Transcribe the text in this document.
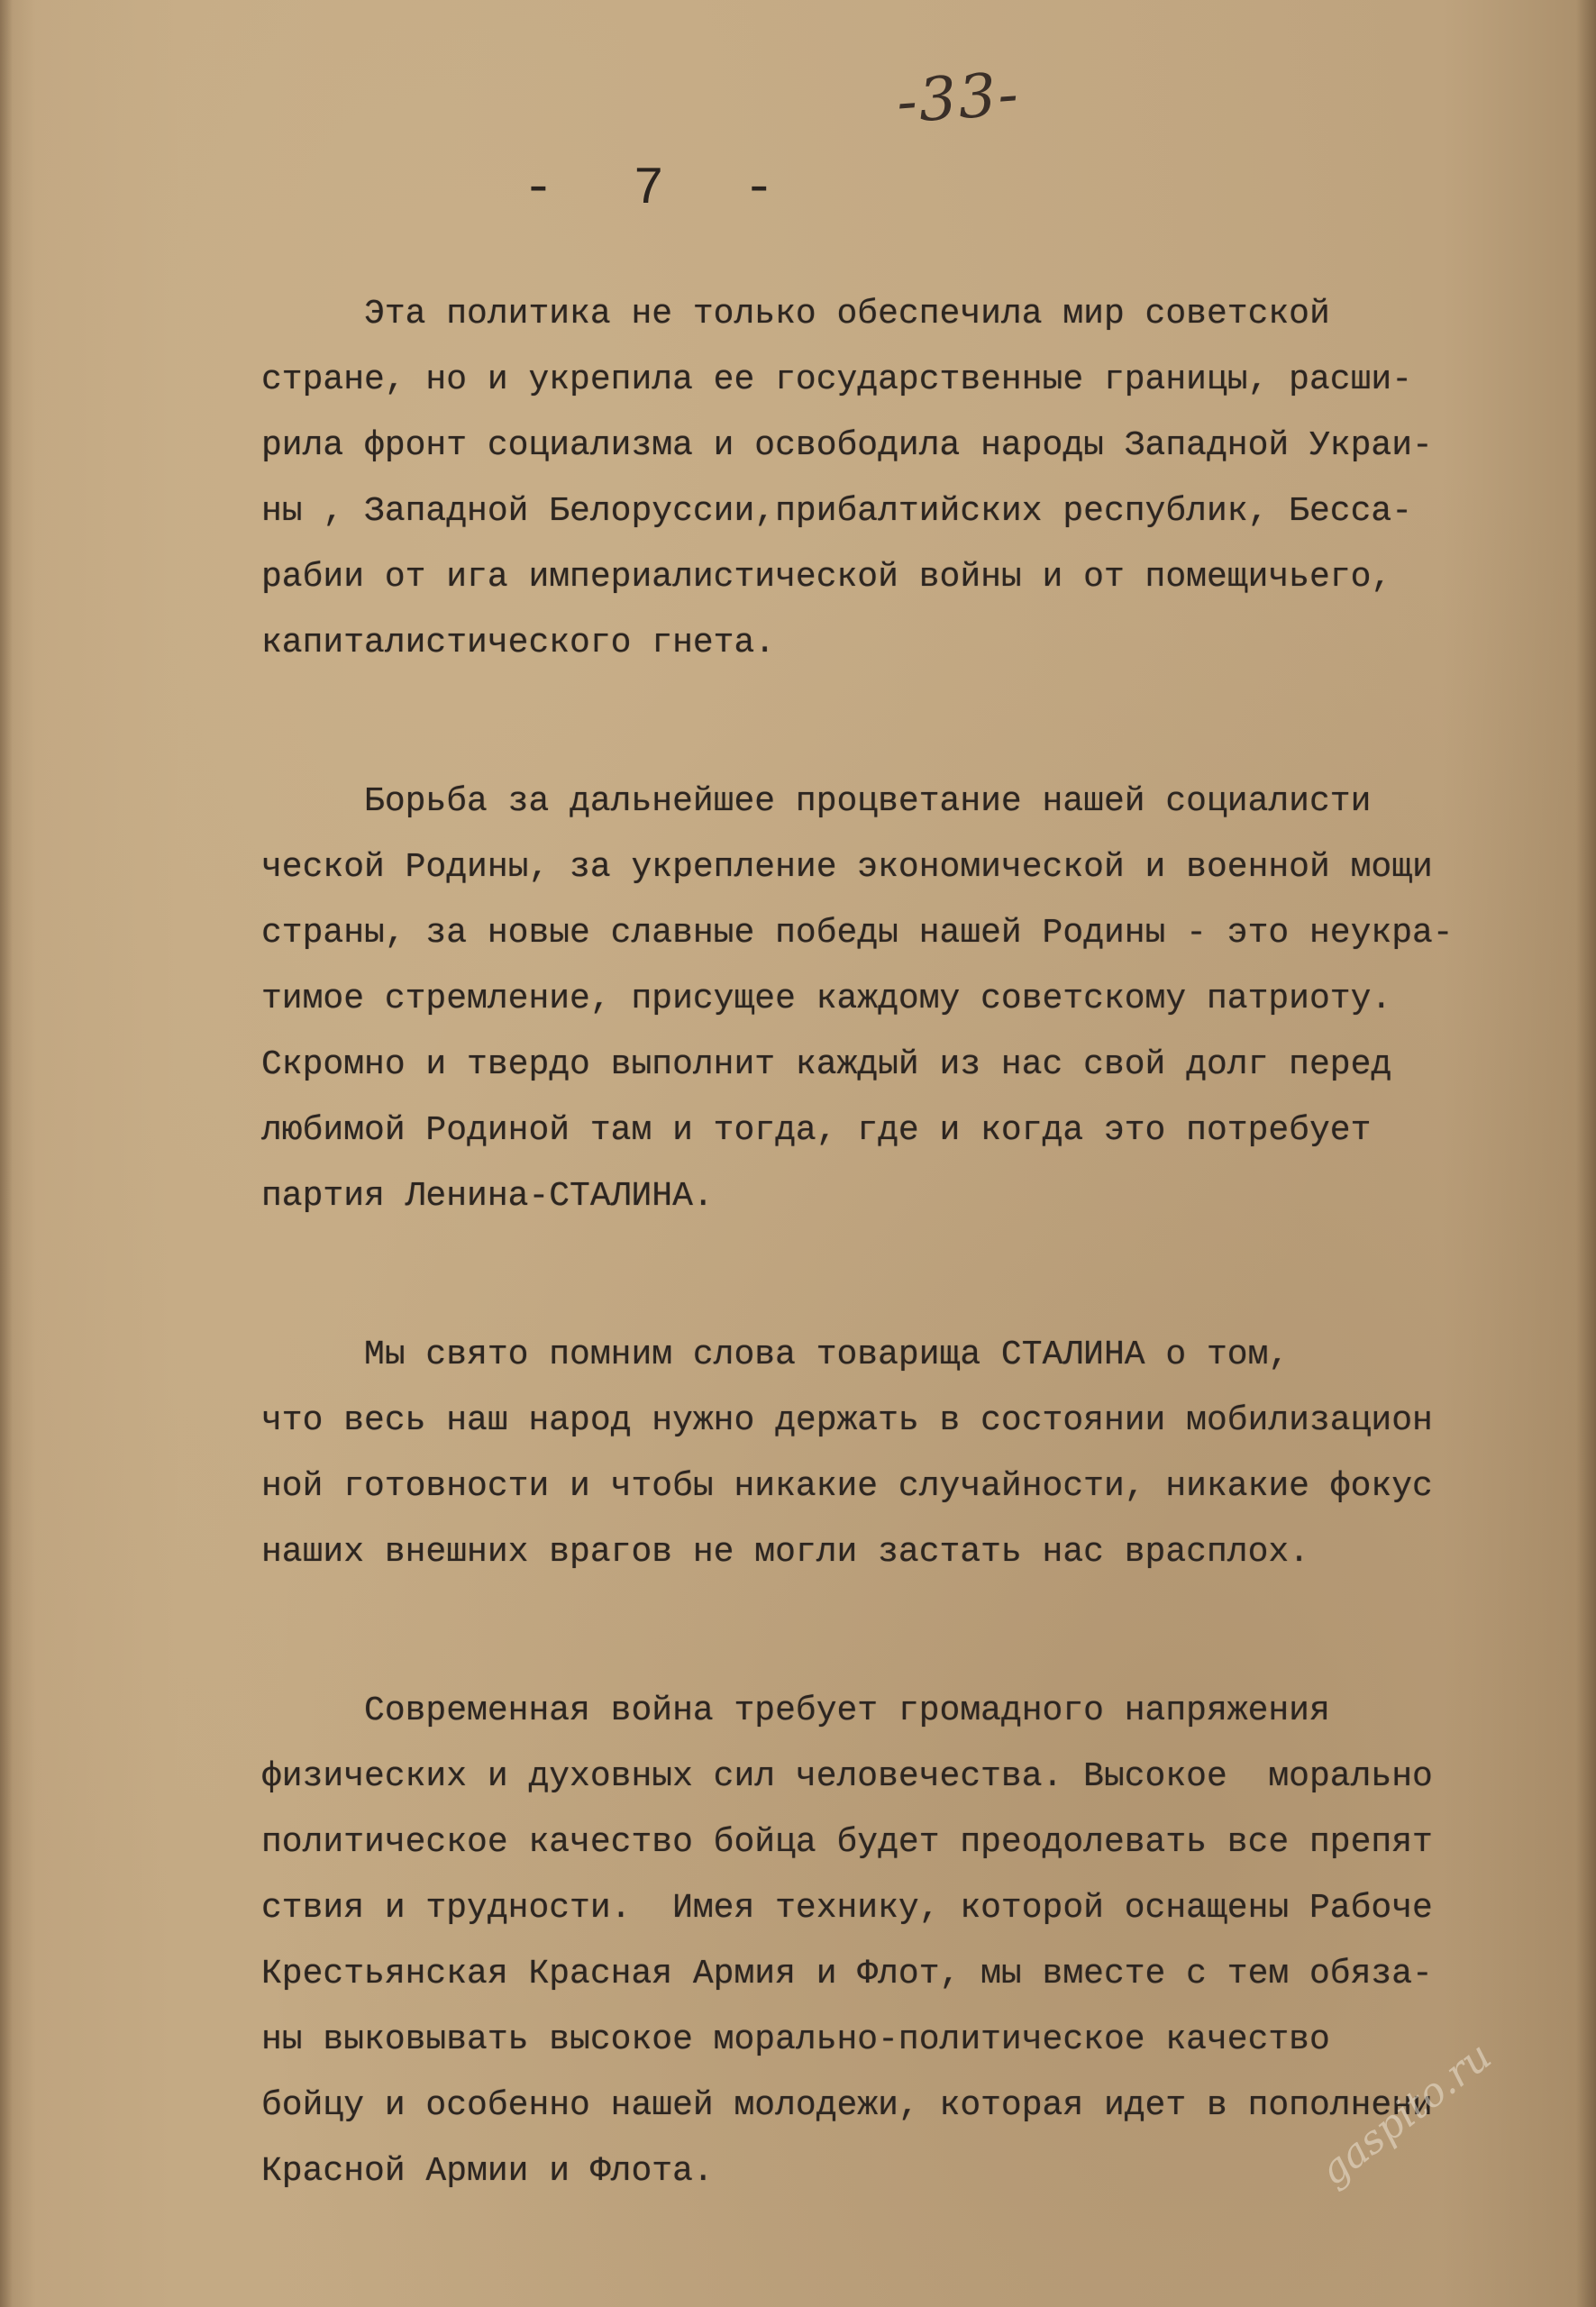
-33-
-  7  -
Эта политика не только обеспечила мир советской
стране, но и укрепила ее государственные границы, расши-
рила фронт социализма и освободила народы Западной Украи-
ны , Западной Белоруссии,прибалтийских республик, Бесса-
рабии от ига империалистической войны и от помещичьего,
капиталистического гнета.
Борьба за дальнейшее процветание нашей социалисти
ческой Родины, за укрепление экономической и военной мощи
страны, за новые славные победы нашей Родины - это неукра-
тимое стремление, присущее каждому советскому патриоту.
Скромно и твердо выполнит каждый из нас свой долг перед
любимой Родиной там и тогда, где и когда это потребует
партия Ленина-СТАЛИНА.
Мы свято помним слова товарища СТАЛИНА о том,
что весь наш народ нужно держать в состоянии мобилизацион
ной готовности и чтобы никакие случайности, никакие фокус
наших внешних врагов не могли застать нас врасплох.
Современная война требует громадного напряжения
физических и духовных сил человечества. Высокое  морально
политическое качество бойца будет преодолевать все препят
ствия и трудности.  Имея технику, которой оснащены Рабоче
Крестьянская Красная Армия и Флот, мы вместе с тем обяза-
ны выковывать высокое морально-политическое качество
бойцу и особенно нашей молодежи, которая идет в пополнени
Красной Армии и Флота.	gaspito.ru
